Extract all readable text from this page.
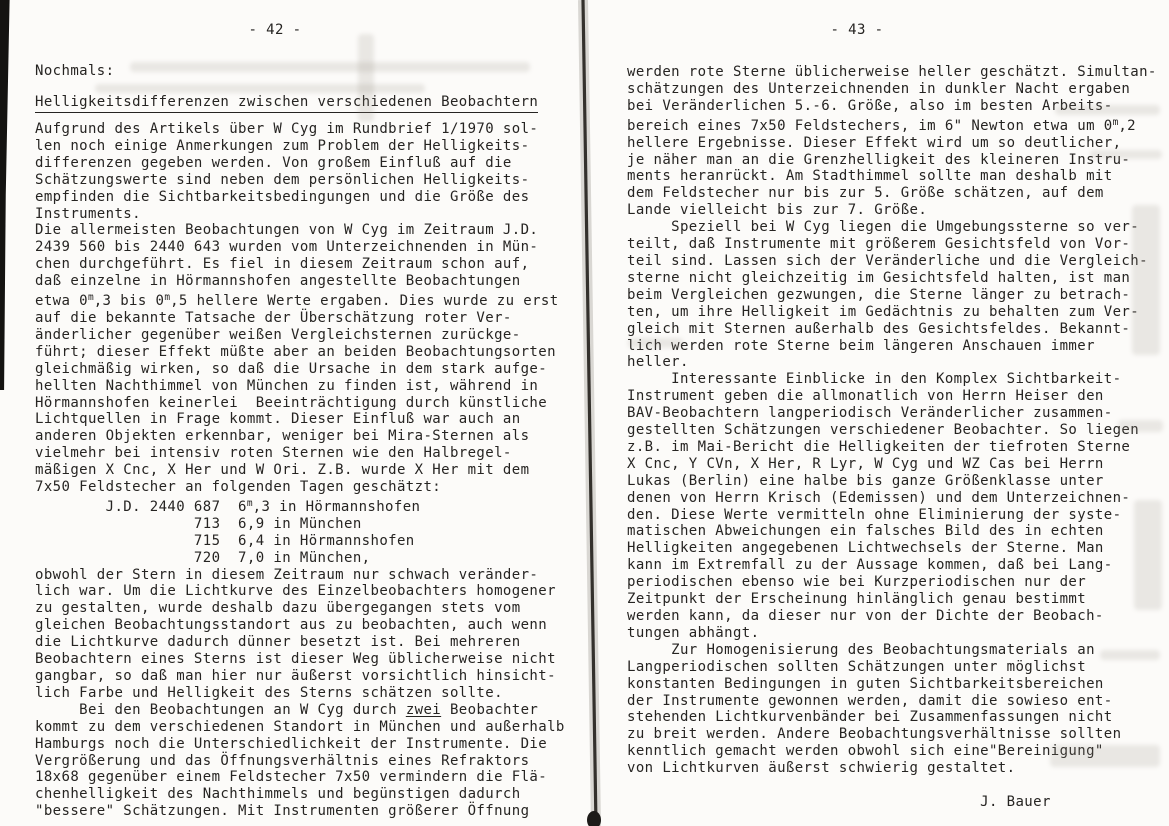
- 42 -
Nochmals:
Helligkeitsdifferenzen zwischen verschiedenen Beobachtern
Aufgrund des Artikels über W Cyg im Rundbrief 1/1970 sol-
len noch einige Anmerkungen zum Problem der Helligkeits-
differenzen gegeben werden. Von großem Einfluß auf die
Schätzungswerte sind neben dem persönlichen Helligkeits-
empfinden die Sichtbarkeitsbedingungen und die Größe des
Instruments.
Die allermeisten Beobachtungen von W Cyg im Zeitraum J.D.
2439 560 bis 2440 643 wurden vom Unterzeichnenden in Mün-
chen durchgeführt. Es fiel in diesem Zeitraum schon auf,
daß einzelne in Hörmannshofen angestellte Beobachtungen
etwa 0$^m$,3 bis 0$^m$,5 hellere Werte ergaben. Dies wurde zu erst
auf die bekannte Tatsache der Überschätzung roter Ver-
änderlicher gegenüber weißen Vergleichsternen zurückge-
führt; dieser Effekt müßte aber an beiden Beobachtungsorten
gleichmäßig wirken, so daß die Ursache in dem stark aufge-
hellten Nachthimmel von München zu finden ist, während in
Hörmannshofen keinerlei  Beeinträchtigung durch künstliche
Lichtquellen in Frage kommt. Dieser Einfluß war auch an
anderen Objekten erkennbar, weniger bei Mira-Sternen als
vielmehr bei intensiv roten Sternen wie den Halbregel-
mäßigen X Cnc, X Her und W Ori. Z.B. wurde X Her mit dem
7x50 Feldstecher an folgenden Tagen geschätzt:
J.D. 2440 687  6$^m$,3 in Hörmannshofen
713  6,9 in München
715  6,4 in Hörmannshofen
720  7,0 in München,
obwohl der Stern in diesem Zeitraum nur schwach veränder-
lich war. Um die Lichtkurve des Einzelbeobachters homogener
zu gestalten, wurde deshalb dazu übergegangen stets vom
gleichen Beobachtungsstandort aus zu beobachten, auch wenn
die Lichtkurve dadurch dünner besetzt ist. Bei mehreren
Beobachtern eines Sterns ist dieser Weg üblicherweise nicht
gangbar, so daß man hier nur äußerst vorsichtlich hinsicht-
lich Farbe und Helligkeit des Sterns schätzen sollte.
Bei den Beobachtungen an W Cyg durch zwei Beobachter
kommt zu dem verschiedenen Standort in München und außerhalb
Hamburgs noch die Unterschiedlichkeit der Instrumente. Die
Vergrößerung und das Öffnungsverhältnis eines Refraktors
18x68 gegenüber einem Feldstecher 7x50 vermindern die Flä-
chenhelligkeit des Nachthimmels und begünstigen dadurch
"bessere" Schätzungen. Mit Instrumenten größerer Öffnung
- 43 -
werden rote Sterne üblicherweise heller geschätzt. Simultan-
schätzungen des Unterzeichnenden in dunkler Nacht ergaben
bei Veränderlichen 5.-6. Größe, also im besten Arbeits-
bereich eines 7x50 Feldstechers, im 6" Newton etwa um 0$^m$,2
hellere Ergebnisse. Dieser Effekt wird um so deutlicher,
je näher man an die Grenzhelligkeit des kleineren Instru-
ments heranrückt. Am Stadthimmel sollte man deshalb mit
dem Feldstecher nur bis zur 5. Größe schätzen, auf dem
Lande vielleicht bis zur 7. Größe.
Speziell bei W Cyg liegen die Umgebungssterne so ver-
teilt, daß Instrumente mit größerem Gesichtsfeld von Vor-
teil sind. Lassen sich der Veränderliche und die Vergleich-
sterne nicht gleichzeitig im Gesichtsfeld halten, ist man
beim Vergleichen gezwungen, die Sterne länger zu betrach-
ten, um ihre Helligkeit im Gedächtnis zu behalten zum Ver-
gleich mit Sternen außerhalb des Gesichtsfeldes. Bekannt-
lich werden rote Sterne beim längeren Anschauen immer
heller.
Interessante Einblicke in den Komplex Sichtbarkeit-
Instrument geben die allmonatlich von Herrn Heiser den
BAV-Beobachtern langperiodisch Veränderlicher zusammen-
gestellten Schätzungen verschiedener Beobachter. So liegen
z.B. im Mai-Bericht die Helligkeiten der tiefroten Sterne
X Cnc, Y CVn, X Her, R Lyr, W Cyg und WZ Cas bei Herrn
Lukas (Berlin) eine halbe bis ganze Größenklasse unter
denen von Herrn Krisch (Edemissen) und dem Unterzeichnen-
den. Diese Werte vermitteln ohne Eliminierung der syste-
matischen Abweichungen ein falsches Bild des in echten
Helligkeiten angegebenen Lichtwechsels der Sterne. Man
kann im Extremfall zu der Aussage kommen, daß bei Lang-
periodischen ebenso wie bei Kurzperiodischen nur der
Zeitpunkt der Erscheinung hinlänglich genau bestimmt
werden kann, da dieser nur von der Dichte der Beobach-
tungen abhängt.
Zur Homogenisierung des Beobachtungsmaterials an
Langperiodischen sollten Schätzungen unter möglichst
konstanten Bedingungen in guten Sichtbarkeitsbereichen
der Instrumente gewonnen werden, damit die sowieso ent-
stehenden Lichtkurvenbänder bei Zusammenfassungen nicht
zu breit werden. Andere Beobachtungsverhältnisse sollten
kenntlich gemacht werden obwohl sich eine"Bereinigung"
von Lichtkurven äußerst schwierig gestaltet.
J. Bauer
